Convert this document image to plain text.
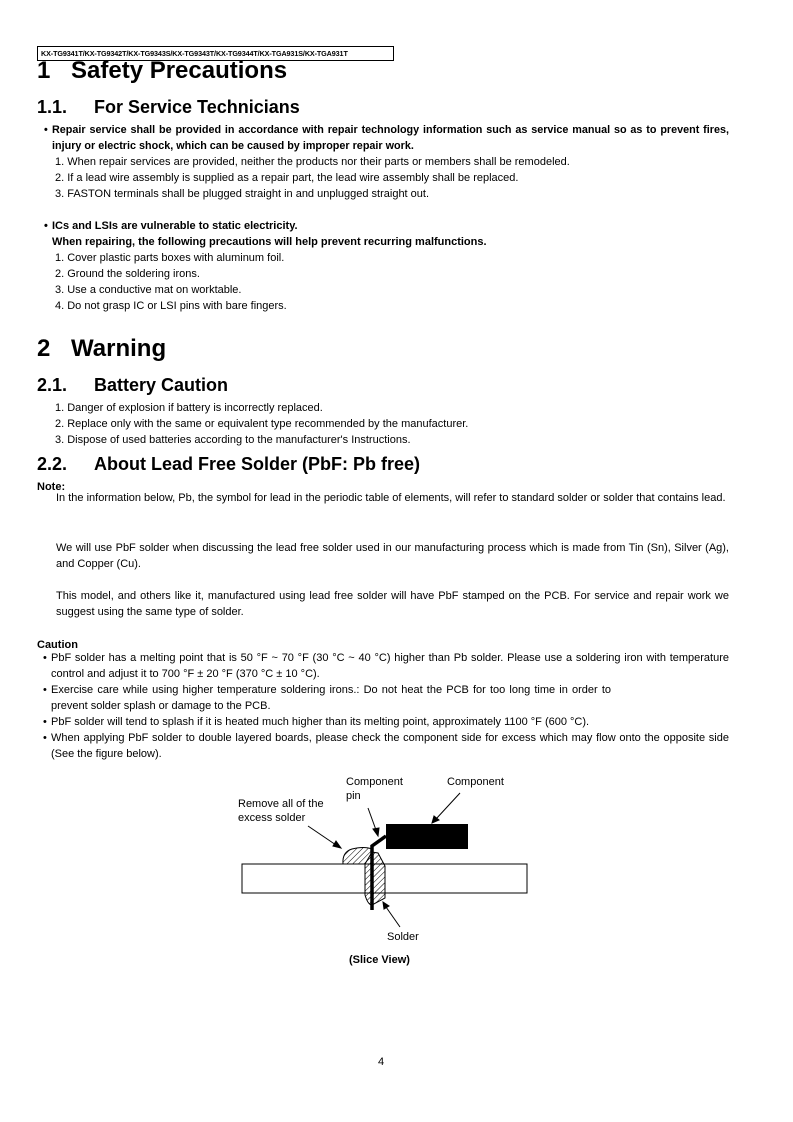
KX-TG9341T/KX-TG9342T/KX-TG9343S/KX-TG9343T/KX-TG9344T/KX-TGA931S/KX-TGA931T
1 Safety Precautions
1.1. For Service Technicians
• Repair service shall be provided in accordance with repair technology information such as service manual so as to prevent fires, injury or electric shock, which can be caused by improper repair work.
1. When repair services are provided, neither the products nor their parts or members shall be remodeled.
2. If a lead wire assembly is supplied as a repair part, the lead wire assembly shall be replaced.
3. FASTON terminals shall be plugged straight in and unplugged straight out.
• ICs and LSIs are vulnerable to static electricity.
When repairing, the following precautions will help prevent recurring malfunctions.
1. Cover plastic parts boxes with aluminum foil.
2. Ground the soldering irons.
3. Use a conductive mat on worktable.
4. Do not grasp IC or LSI pins with bare fingers.
2 Warning
2.1. Battery Caution
1. Danger of explosion if battery is incorrectly replaced.
2. Replace only with the same or equivalent type recommended by the manufacturer.
3. Dispose of used batteries according to the manufacturer's Instructions.
2.2. About Lead Free Solder (PbF: Pb free)
Note:
In the information below, Pb, the symbol for lead in the periodic table of elements, will refer to standard solder or solder that contains lead.
We will use PbF solder when discussing the lead free solder used in our manufacturing process which is made from Tin (Sn), Silver (Ag), and Copper (Cu).
This model, and others like it, manufactured using lead free solder will have PbF stamped on the PCB. For service and repair work we suggest using the same type of solder.
Caution
• PbF solder has a melting point that is 50 °F ~ 70 °F (30 °C ~ 40 °C) higher than Pb solder. Please use a soldering iron with temperature control and adjust it to 700 °F ± 20 °F (370 °C ± 10 °C).
• Exercise care while using higher temperature soldering irons.: Do not heat the PCB for too long time in order to prevent solder splash or damage to the PCB.
• PbF solder will tend to splash if it is heated much higher than its melting point, approximately 1100 °F (600 °C).
• When applying PbF solder to double layered boards, please check the component side for excess which may flow onto the opposite side (See the figure below).
Component
pin
Component
Remove all of the
excess solder
Solder
(Slice View)
4
